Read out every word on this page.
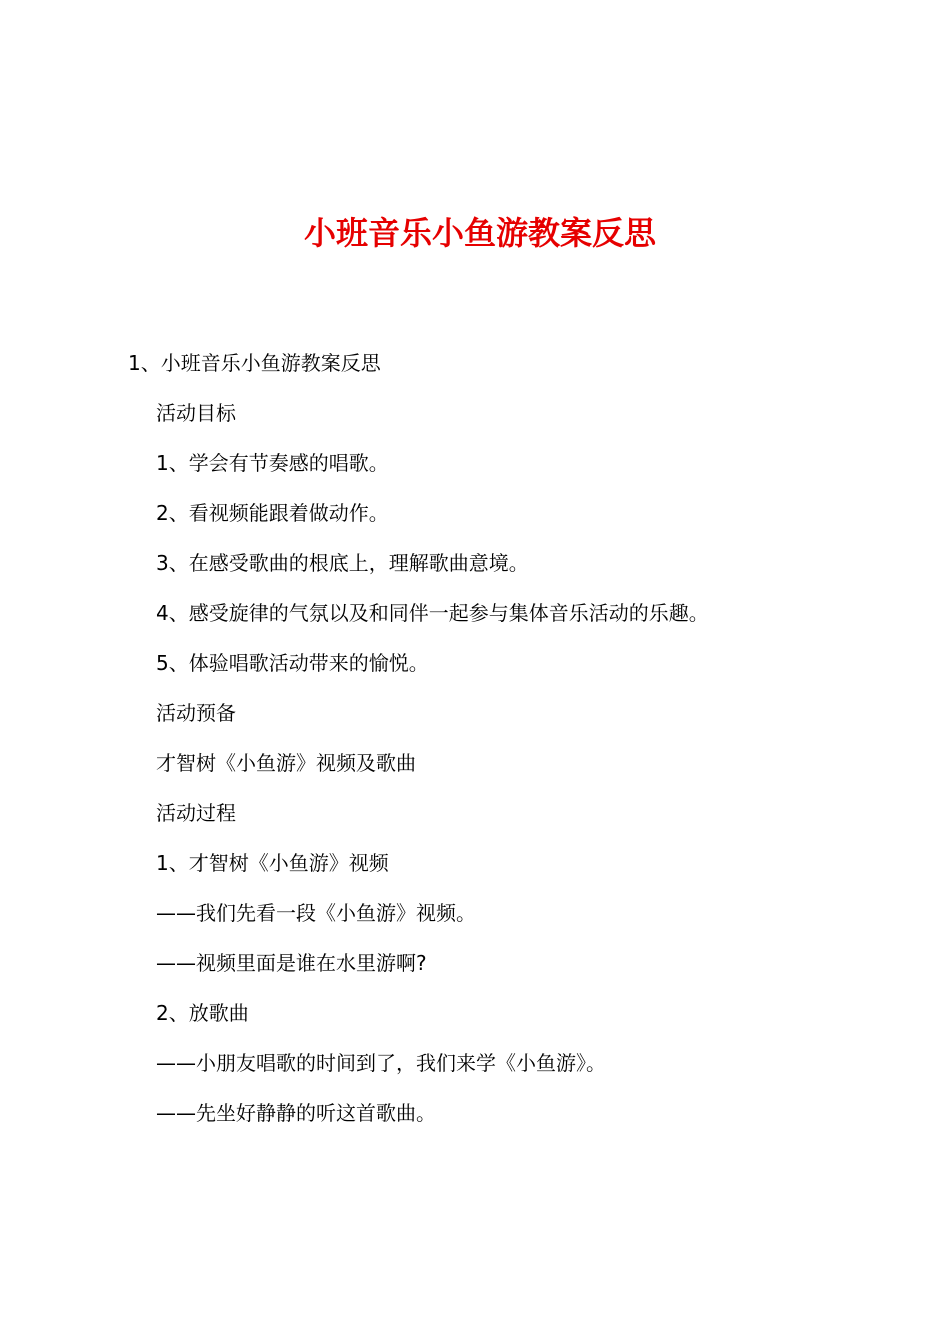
小班音乐小鱼游教案反思

1、小班音乐小鱼游教案反思

活动目标

1、学会有节奏感的唱歌。

2、看视频能跟着做动作。

3、在感受歌曲的根底上，理解歌曲意境。

4、感受旋律的气氛以及和同伴一起参与集体音乐活动的乐趣。

5、体验唱歌活动带来的愉悦。

活动预备

才智树《小鱼游》视频及歌曲

活动过程

1、才智树《小鱼游》视频

——我们先看一段《小鱼游》视频。

——视频里面是谁在水里游啊?

2、放歌曲

——小朋友唱歌的时间到了，我们来学《小鱼游》。

——先坐好静静的听这首歌曲。
